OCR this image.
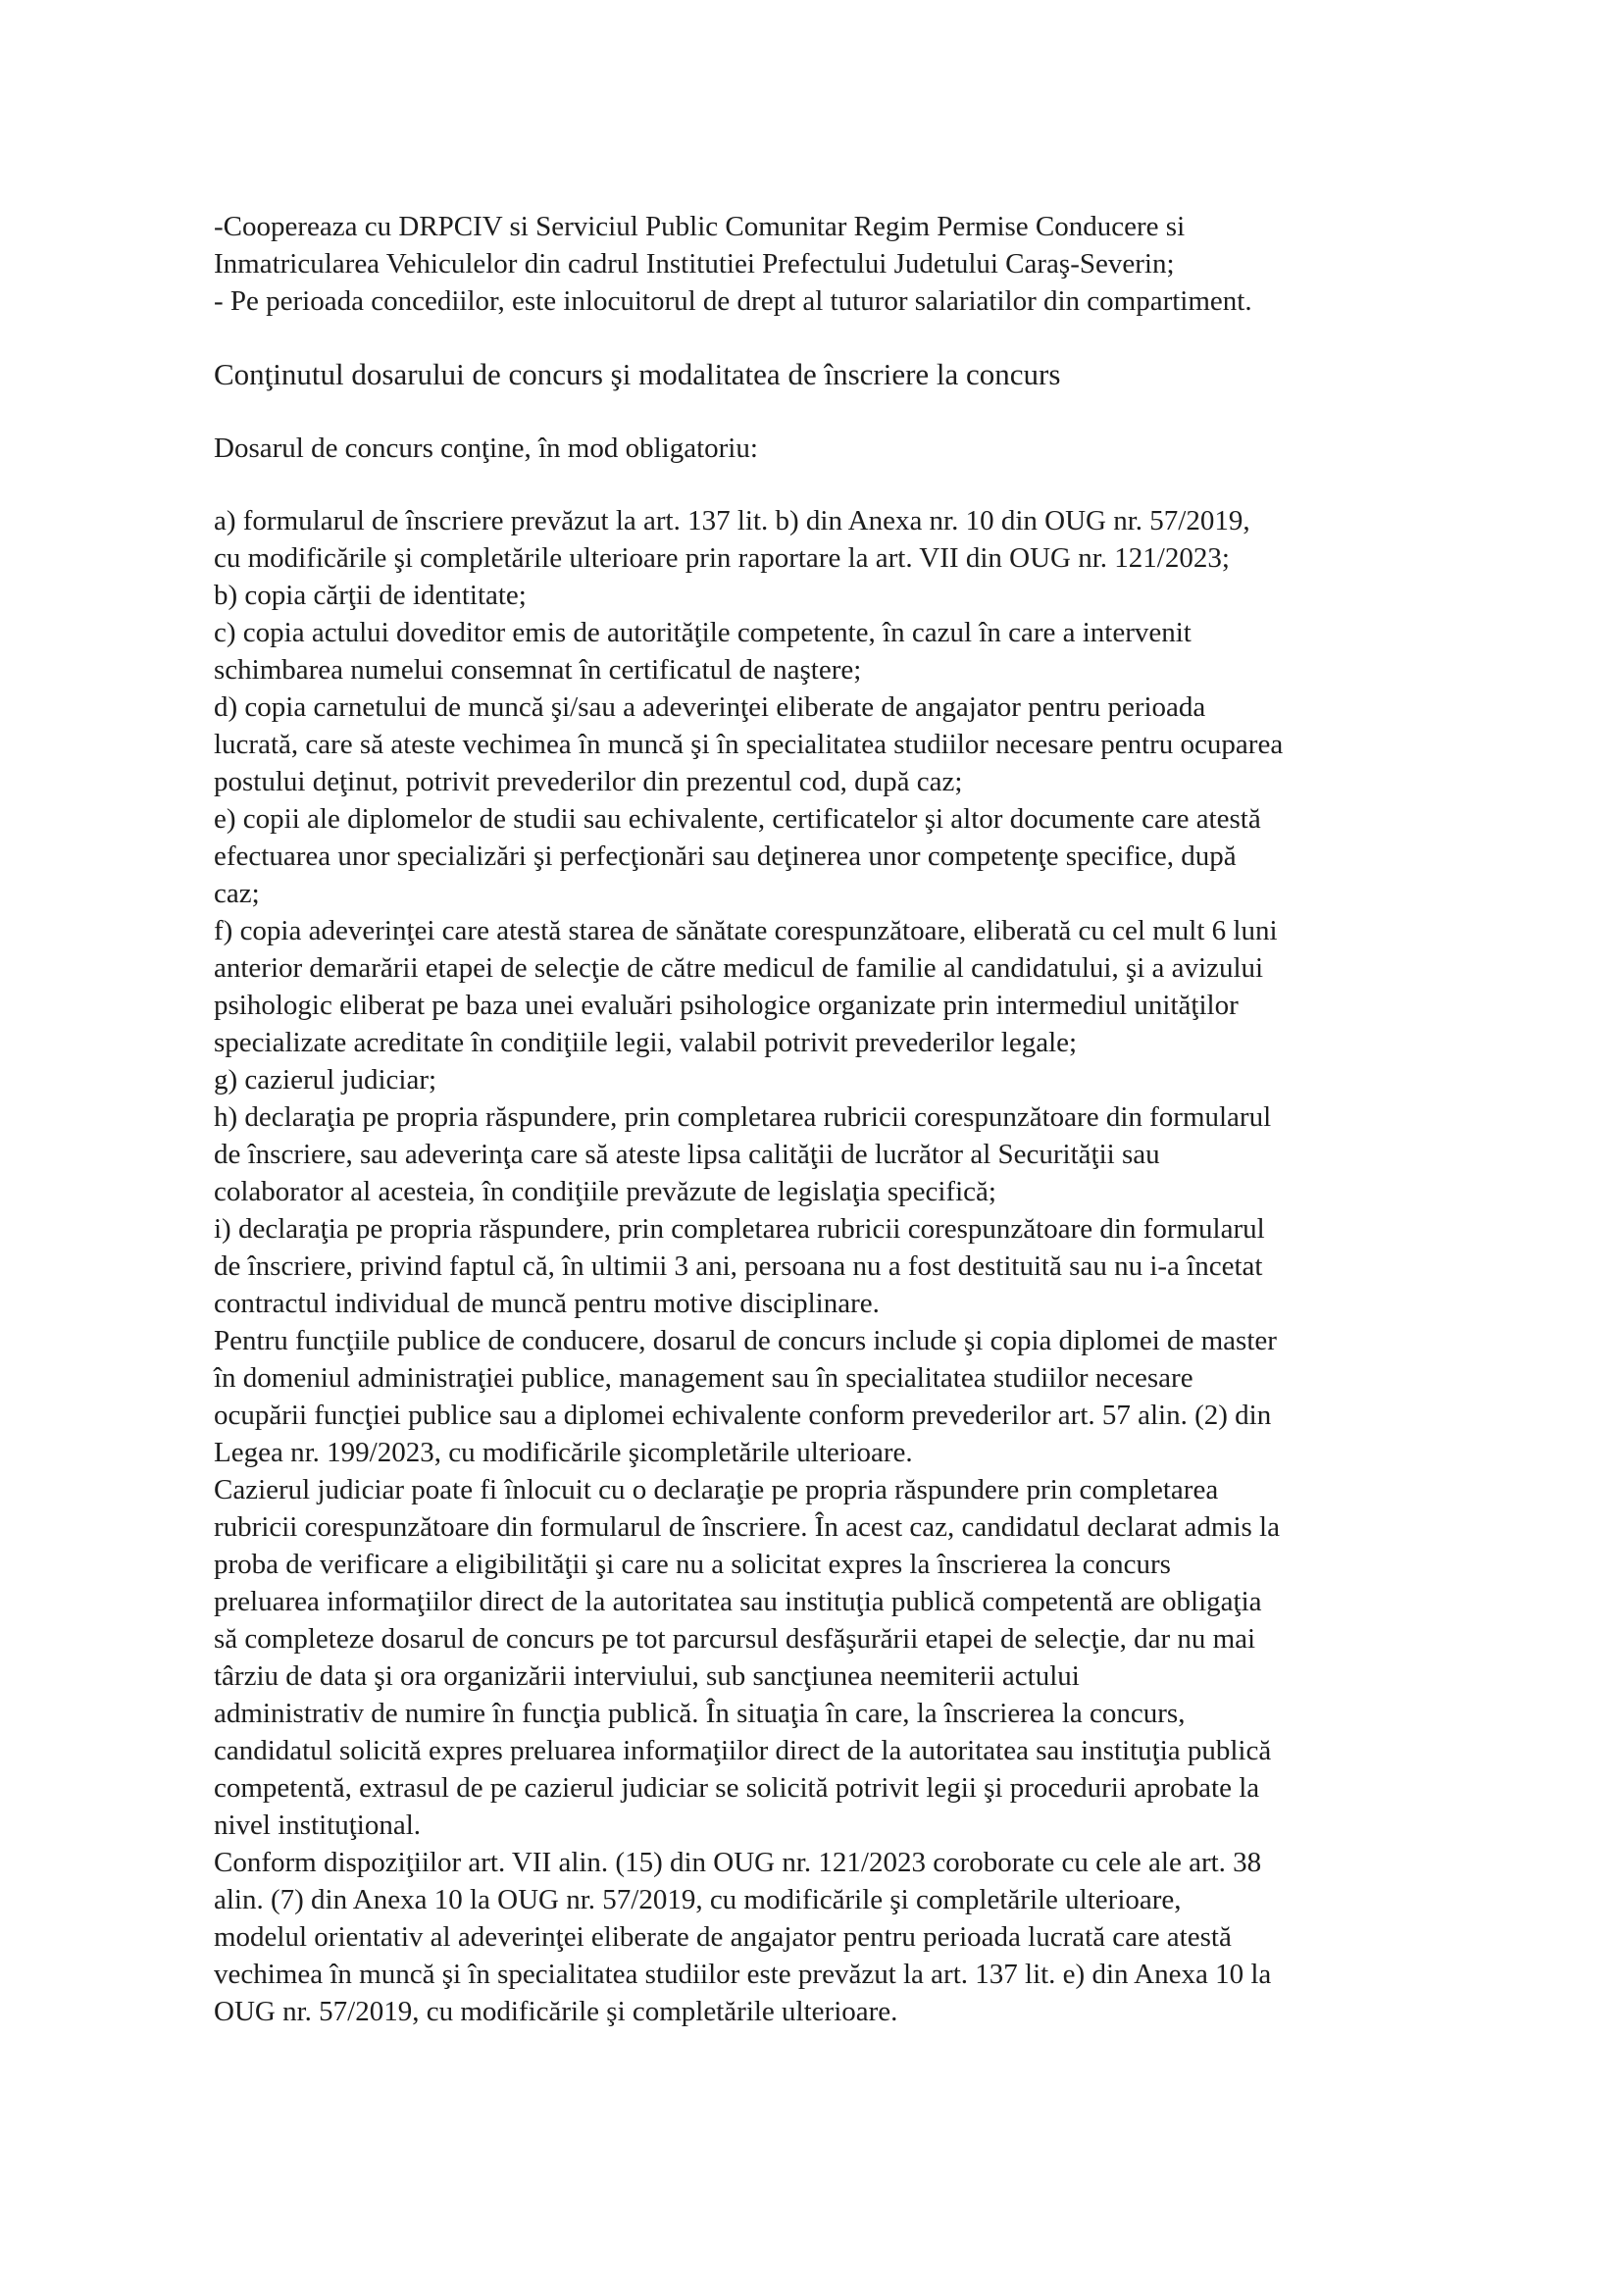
-Coopereaza cu DRPCIV si Serviciul Public Comunitar Regim Permise Conducere si
Inmatricularea Vehiculelor din cadrul Institutiei Prefectului Judetului Caraş-Severin;
- Pe perioada concediilor, este inlocuitorul de drept al tuturor salariatilor din compartiment.
Conţinutul dosarului de concurs şi modalitatea de înscriere la concurs
Dosarul de concurs conţine, în mod obligatoriu:
a) formularul de înscriere prevăzut la art. 137 lit. b) din Anexa nr. 10 din OUG nr. 57/2019,
cu modificările şi completările ulterioare prin raportare la art. VII din OUG nr. 121/2023;
b) copia cărţii de identitate;
c) copia actului doveditor emis de autorităţile competente, în cazul în care a intervenit
schimbarea numelui consemnat în certificatul de naştere;
d) copia carnetului de muncă şi/sau a adeverinţei eliberate de angajator pentru perioada
lucrată, care să ateste vechimea în muncă şi în specialitatea studiilor necesare pentru ocuparea
postului deţinut, potrivit prevederilor din prezentul cod, după caz;
e) copii ale diplomelor de studii sau echivalente, certificatelor şi altor documente care atestă
efectuarea unor specializări şi perfecţionări sau deţinerea unor competenţe specifice, după
caz;
f) copia adeverinţei care atestă starea de sănătate corespunzătoare, eliberată cu cel mult 6 luni
anterior demarării etapei de selecţie de către medicul de familie al candidatului, şi a avizului
psihologic eliberat pe baza unei evaluări psihologice organizate prin intermediul unităţilor
specializate acreditate în condiţiile legii, valabil potrivit prevederilor legale;
g) cazierul judiciar;
h) declaraţia pe propria răspundere, prin completarea rubricii corespunzătoare din formularul
de înscriere, sau adeverinţa care să ateste lipsa calităţii de lucrător al Securităţii sau
colaborator al acesteia, în condiţiile prevăzute de legislaţia specifică;
i) declaraţia pe propria răspundere, prin completarea rubricii corespunzătoare din formularul
de înscriere, privind faptul că, în ultimii 3 ani, persoana nu a fost destituită sau nu i-a încetat
contractul individual de muncă pentru motive disciplinare.
Pentru funcţiile publice de conducere, dosarul de concurs include şi copia diplomei de master
în domeniul administraţiei publice, management sau în specialitatea studiilor necesare
ocupării funcţiei publice sau a diplomei echivalente conform prevederilor art. 57 alin. (2) din
Legea nr. 199/2023, cu modificările şicompletările ulterioare.
Cazierul judiciar poate fi înlocuit cu o declaraţie pe propria răspundere prin completarea
rubricii corespunzătoare din formularul de înscriere. În acest caz, candidatul declarat admis la
proba de verificare a eligibilităţii şi care nu a solicitat expres la înscrierea la concurs
preluarea informaţiilor direct de la autoritatea sau instituţia publică competentă are obligaţia
să completeze dosarul de concurs pe tot parcursul desfăşurării etapei de selecţie, dar nu mai
târziu de data şi ora organizării interviului, sub sancţiunea neemiterii actului
administrativ de numire în funcţia publică. În situaţia în care, la înscrierea la concurs,
candidatul solicită expres preluarea informaţiilor direct de la autoritatea sau instituţia publică
competentă, extrasul de pe cazierul judiciar se solicită potrivit legii şi procedurii aprobate la
nivel instituţional.
Conform dispoziţiilor art. VII alin. (15) din OUG nr. 121/2023 coroborate cu cele ale art. 38
alin. (7) din Anexa 10 la OUG nr. 57/2019, cu modificările şi completările ulterioare,
modelul orientativ al adeverinţei eliberate de angajator pentru perioada lucrată care atestă
vechimea în muncă şi în specialitatea studiilor este prevăzut la art. 137 lit. e) din Anexa 10 la
OUG nr. 57/2019, cu modificările şi completările ulterioare.
